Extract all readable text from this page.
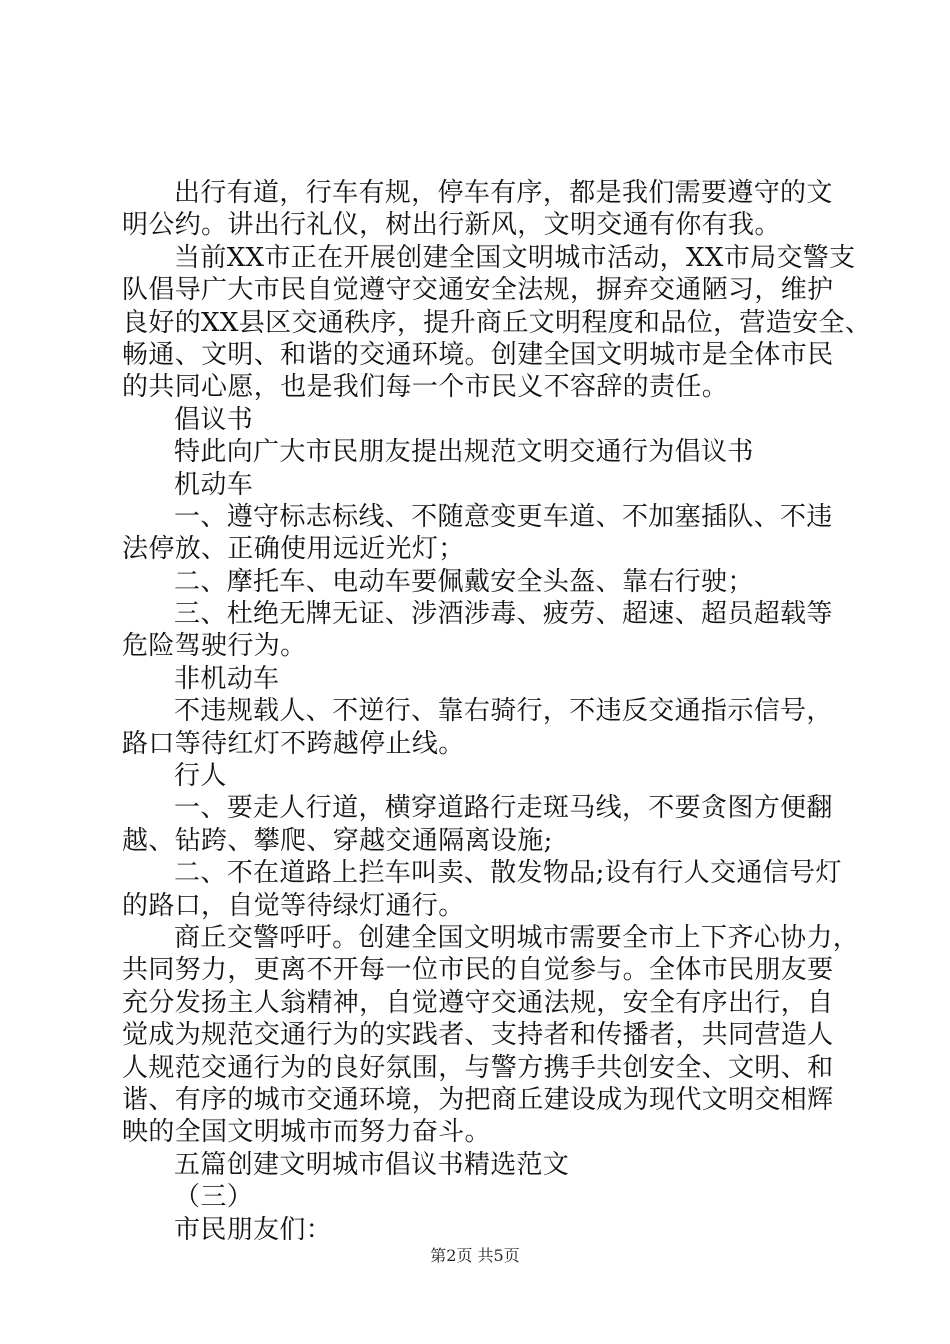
出行有道，行车有规，停车有序，都是我们需要遵守的文
明公约。讲出行礼仪，树出行新风，文明交通有你有我。
当前XX市正在开展创建全国文明城市活动，XX市局交警支
队倡导广大市民自觉遵守交通安全法规，摒弃交通陋习，维护
良好的XX县区交通秩序，提升商丘文明程度和品位，营造安全、
畅通、文明、和谐的交通环境。创建全国文明城市是全体市民
的共同心愿，也是我们每一个市民义不容辞的责任。
倡议书
特此向广大市民朋友提出规范文明交通行为倡议书
机动车
一、遵守标志标线、不随意变更车道、不加塞插队、不违
法停放、正确使用远近光灯；
二、摩托车、电动车要佩戴安全头盔、靠右行驶；
三、杜绝无牌无证、涉酒涉毒、疲劳、超速、超员超载等
危险驾驶行为。
非机动车
不违规载人、不逆行、靠右骑行，不违反交通指示信号，
路口等待红灯不跨越停止线。
行人
一、要走人行道，横穿道路行走斑马线，不要贪图方便翻
越、钻跨、攀爬、穿越交通隔离设施;
二、不在道路上拦车叫卖、散发物品;设有行人交通信号灯
的路口，自觉等待绿灯通行。
商丘交警呼吁。创建全国文明城市需要全市上下齐心协力，
共同努力，更离不开每一位市民的自觉参与。全体市民朋友要
充分发扬主人翁精神，自觉遵守交通法规，安全有序出行，自
觉成为规范交通行为的实践者、支持者和传播者，共同营造人
人规范交通行为的良好氛围，与警方携手共创安全、文明、和
谐、有序的城市交通环境，为把商丘建设成为现代文明交相辉
映的全国文明城市而努力奋斗。
五篇创建文明城市倡议书精选范文
（三）
市民朋友们：
第2页 共5页
